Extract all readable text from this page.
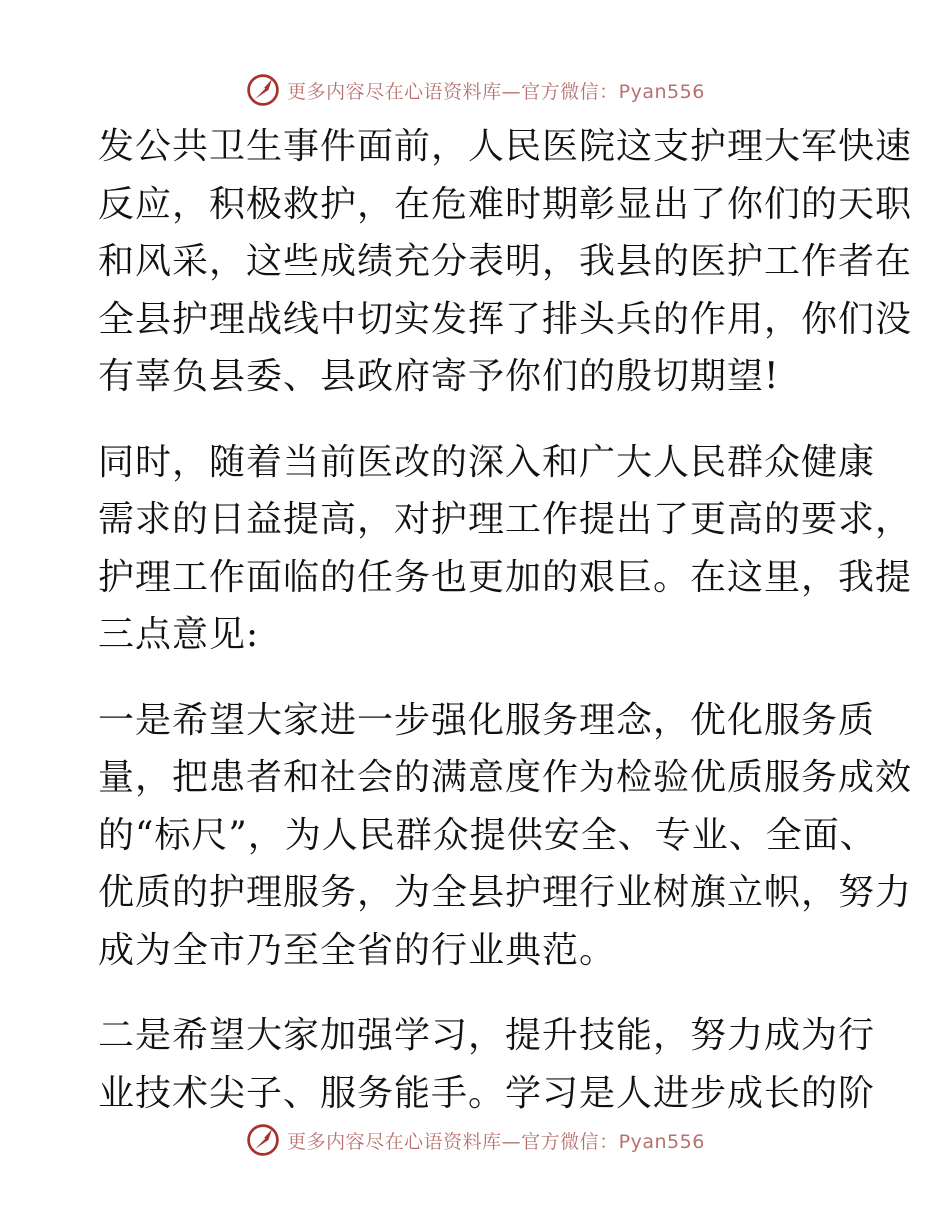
更多内容尽在心语资料库—官方微信：Pyan556
发公共卫生事件面前，人民医院这支护理大军快速
反应，积极救护，在危难时期彰显出了你们的天职
和风采，这些成绩充分表明，我县的医护工作者在
全县护理战线中切实发挥了排头兵的作用，你们没
有辜负县委、县政府寄予你们的殷切期望!
同时，随着当前医改的深入和广大人民群众健康
需求的日益提高，对护理工作提出了更高的要求，
护理工作面临的任务也更加的艰巨。在这里，我提
三点意见:
一是希望大家进一步强化服务理念，优化服务质
量，把患者和社会的满意度作为检验优质服务成效
的“标尺”，为人民群众提供安全、专业、全面、
优质的护理服务，为全县护理行业树旗立帜，努力
成为全市乃至全省的行业典范。
二是希望大家加强学习，提升技能，努力成为行
业技术尖子、服务能手。学习是人进步成长的阶
更多内容尽在心语资料库—官方微信：Pyan556
